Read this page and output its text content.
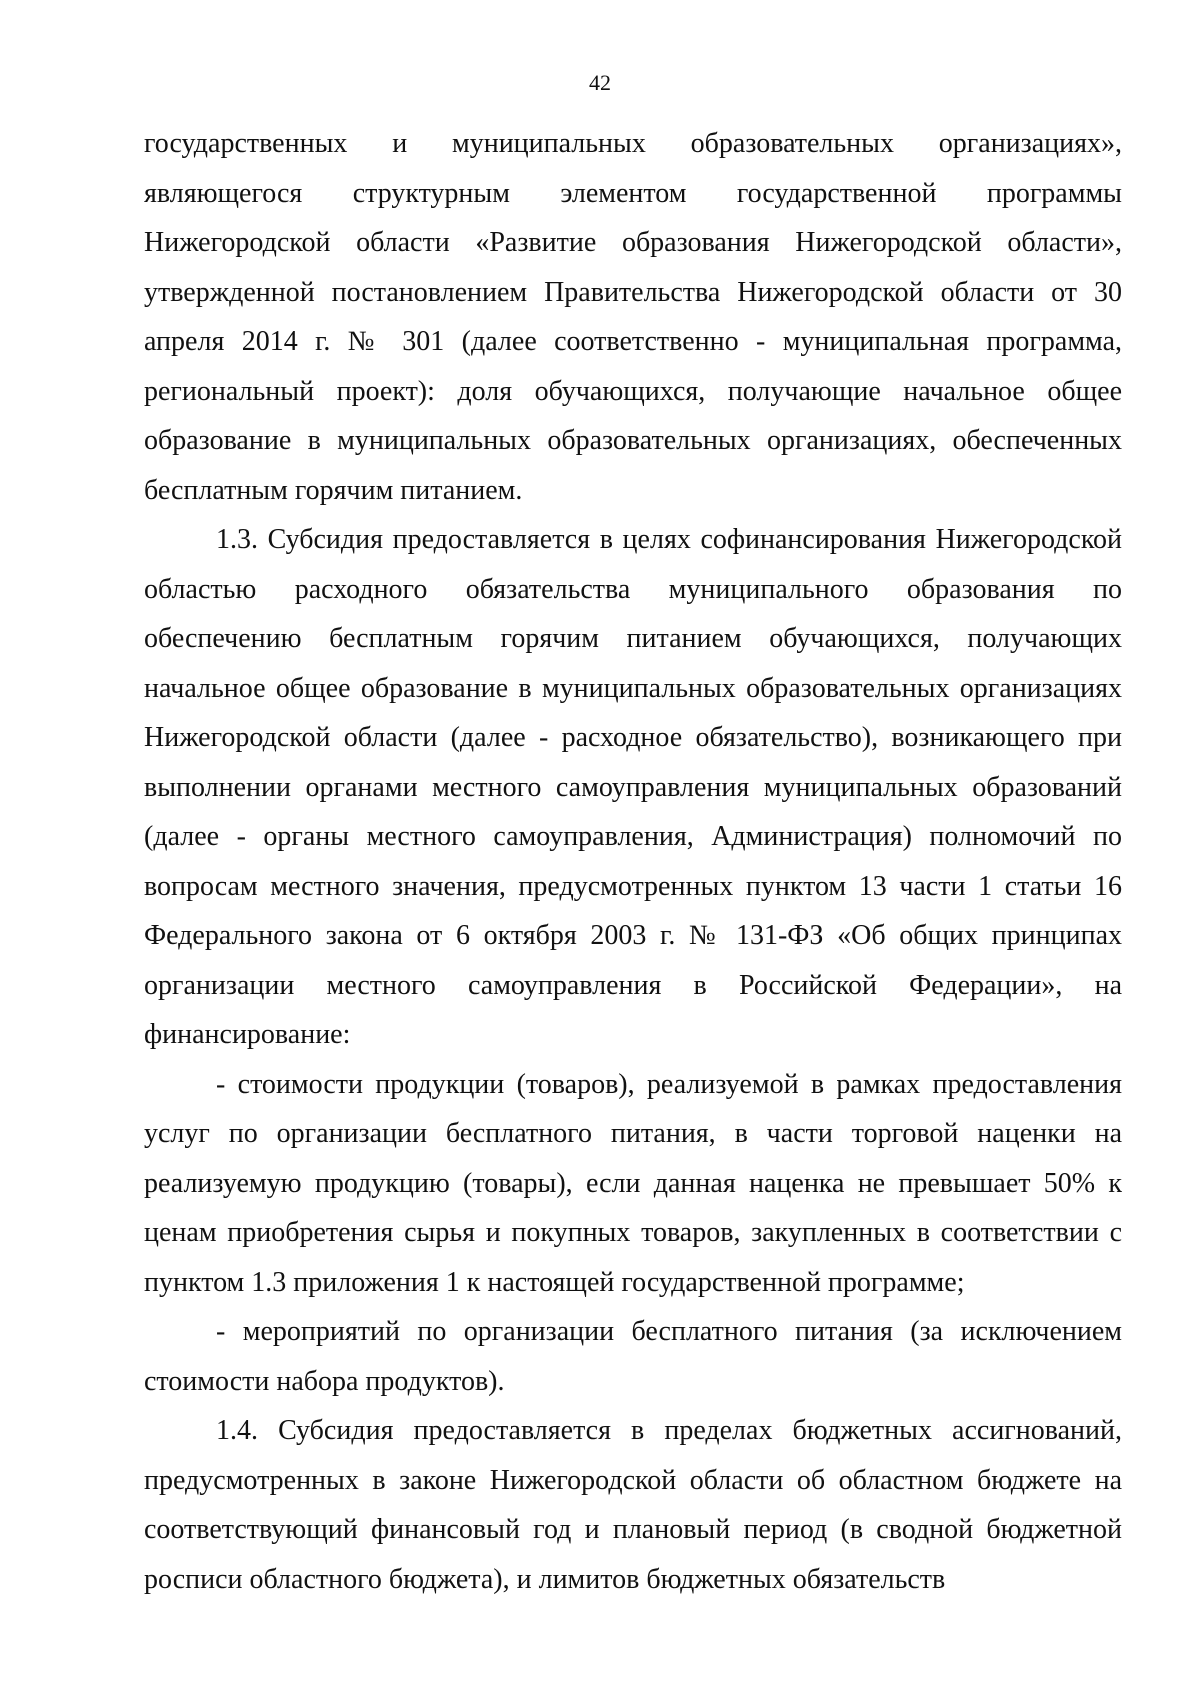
42

государственных и муниципальных образовательных организациях», являющегося структурным элементом государственной программы Нижегородской области «Развитие образования Нижегородской области», утвержденной постановлением Правительства Нижегородской области от 30 апреля 2014 г. № 301 (далее соответственно - муниципальная программа, региональный проект): доля обучающихся, получающие начальное общее образование в муниципальных образовательных организациях, обеспеченных бесплатным горячим питанием.

1.3. Субсидия предоставляется в целях софинансирования Нижегородской областью расходного обязательства муниципального образования по обеспечению бесплатным горячим питанием обучающихся, получающих начальное общее образование в муниципальных образовательных организациях Нижегородской области (далее - расходное обязательство), возникающего при выполнении органами местного самоуправления муниципальных образований (далее - органы местного самоуправления, Администрация) полномочий по вопросам местного значения, предусмотренных пунктом 13 части 1 статьи 16 Федерального закона от 6 октября 2003 г. № 131-ФЗ «Об общих принципах организации местного самоуправления в Российской Федерации», на финансирование:

- стоимости продукции (товаров), реализуемой в рамках предоставления услуг по организации бесплатного питания, в части торговой наценки на реализуемую продукцию (товары), если данная наценка не превышает 50% к ценам приобретения сырья и покупных товаров, закупленных в соответствии с пунктом 1.3 приложения 1 к настоящей государственной программе;

- мероприятий по организации бесплатного питания (за исключением стоимости набора продуктов).

1.4. Субсидия предоставляется в пределах бюджетных ассигнований, предусмотренных в законе Нижегородской области об областном бюджете на соответствующий финансовый год и плановый период (в сводной бюджетной росписи областного бюджета), и лимитов бюджетных обязательств
